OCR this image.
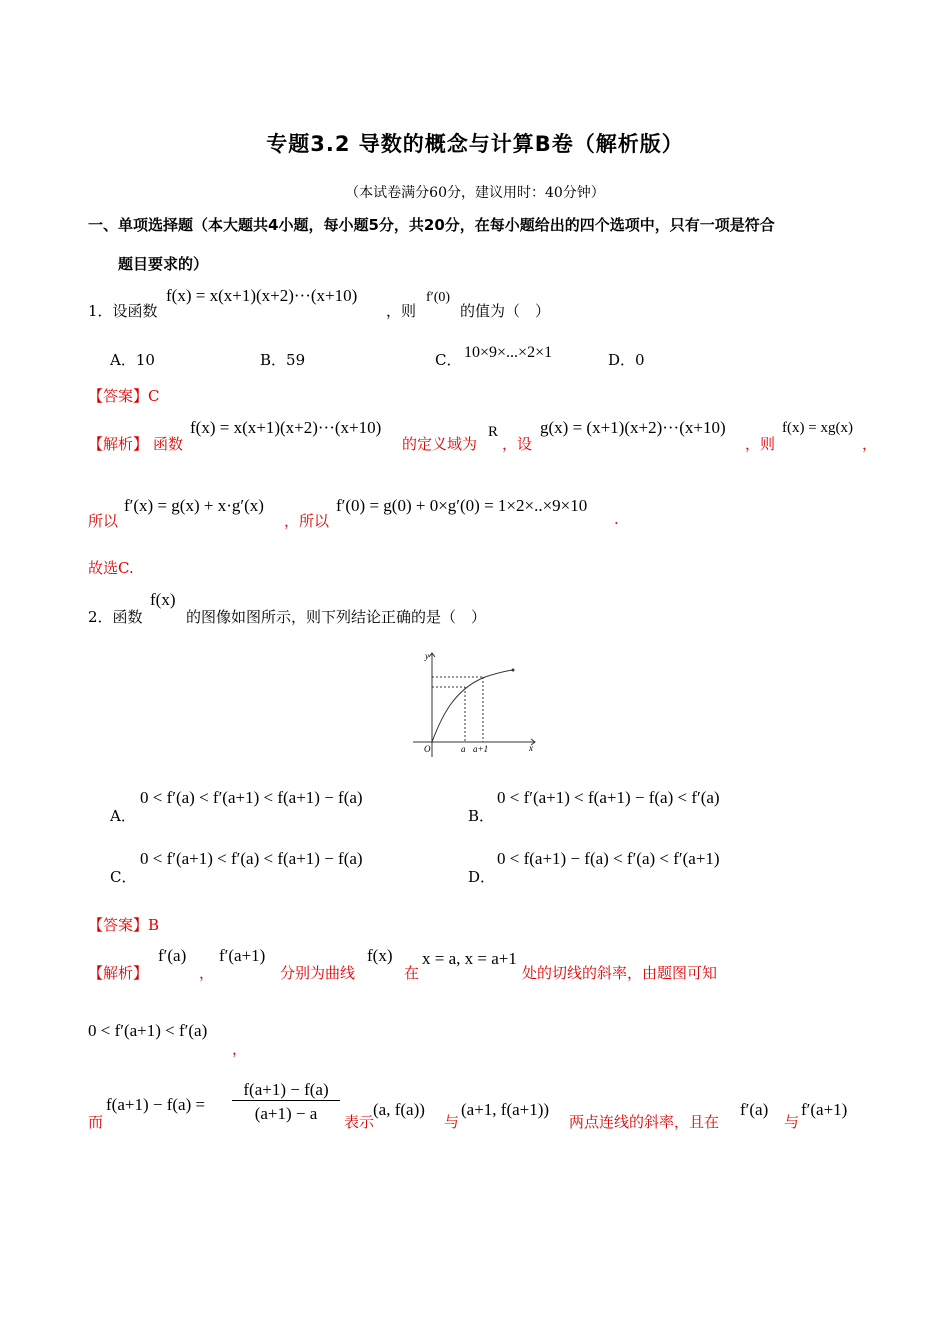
专题3.2 导数的概念与计算B卷（解析版）
（本试卷满分60分，建议用时：40分钟）
一、单项选择题（本大题共4小题，每小题5分，共20分，在每小题给出的四个选项中，只有一项是符合
题目要求的）
1．设函数
f(x) = x(x+1)(x+2)···(x+10)
，则
f′(0)
的值为（　）
A．10	B．59	C． 10×9×...×2×1	D．0
【答案】C
【解析】 函数
f(x) = x(x+1)(x+2)···(x+10)
的定义域为
R
，设
g(x) = (x+1)(x+2)···(x+10)
，则
f(x) = xg(x)
，
所以
f′(x) = g(x) + x·g′(x)
，所以
f′(0) = g(0) + 0×g′(0) = 1×2×..×9×10
.
故选C.
2．函数
f(x)
的图像如图所示，则下列结论正确的是（　）
y
x
O	a a+1
A．
0 < f′(a) < f′(a+1) < f(a+1) − f(a)
B．
0 < f′(a+1) < f(a+1) − f(a) < f′(a)
C．
0 < f′(a+1) < f′(a) < f(a+1) − f(a)
D．
0 < f(a+1) − f(a) < f′(a) < f′(a+1)
【答案】B
【解析】
f′(a)
，
f′(a+1)
分别为曲线
f(x)
在
x = a, x = a+1
处的切线的斜率，由题图可知
0 < f′(a+1) < f′(a)
，
而
f(a+1) − f(a) =
f(a+1) − f(a)
(a+1) − a	表示
(a, f(a))
与
(a+1, f(a+1))
两点连线的斜率，且在
f′(a)
与
f′(a+1)
